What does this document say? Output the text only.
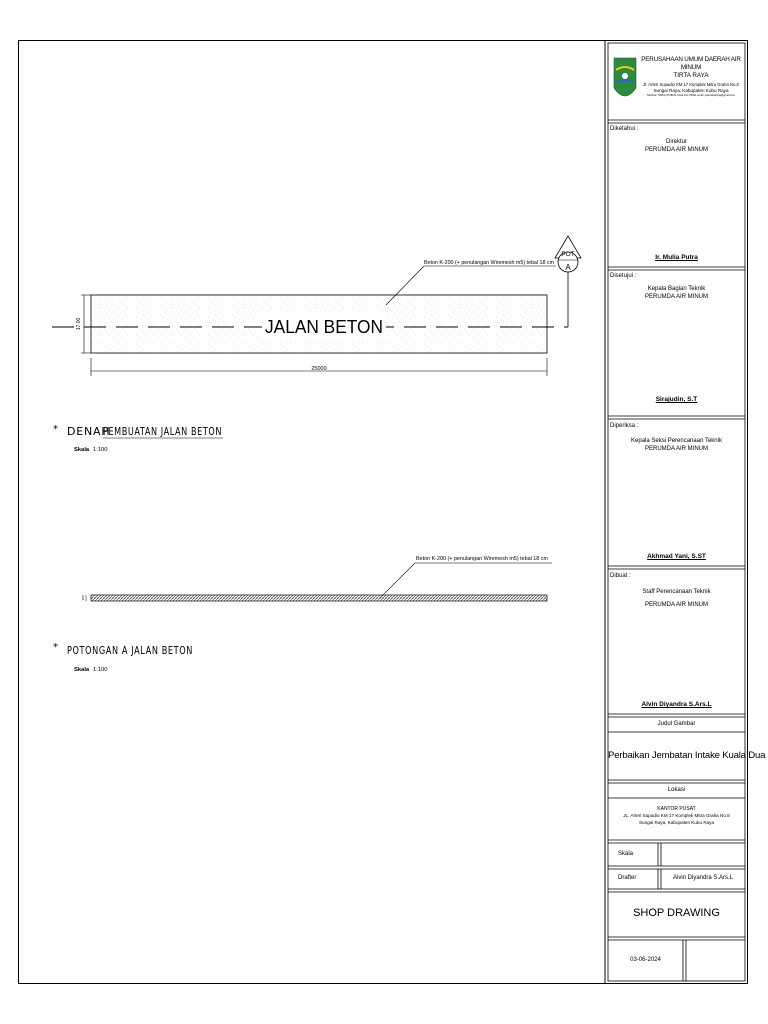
JALAN BETON
17.00
25000
Beton K-200 (+ penulangan Wiremesh m5) tebal 18 cm
POT
A
* DENAH
PEMBUATAN JALAN BETON
Skala 1:100
180
Beton K-200 (+ penulangan Wiremesh m5) tebal 18 cm
* POTONGAN A JALAN BETON
Skala 1:100
PERUSAHAAN UMUM DAERAH AIR MINUM
TIRTA RAYA
Jl. Arteri Supadio KM 17 Komplek Mitra Graha No.8
Sungai Raya, Kabupaten Kubu Raya
Telp/Fax: (0561) 6718151 Kode Pos 78391 email: pdamtirtaraya@gmail.com
Diketahui :
Direktur
PERUMDA AIR MINUM
Ir. Mulia Putra
Disetujui :
Kepala Bagian Teknik
PERUMDA AIR MINUM
Sirajudin, S.T
Diperiksa :
Kepala Seksi Perencanaan Teknik
PERUMDA AIR MINUM
Akhmad Yani, S.ST
Dibuat :
Staff Perencanaan Teknik
PERUMDA AIR MINUM
Alvin Diyandra S.Ars.L
Judul Gambar
Perbaikan Jembatan Intake Kuala Dua
Lokasi
KANTOR PUSAT
JL. Arteri Supadio KM 17 Komplek Mitra Graha No.8
Sungai Raya, Kabupaten Kubu Raya
Skala
Drafter	Alvin Diyandra S.Ars.L
SHOP DRAWING
03-06-2024
